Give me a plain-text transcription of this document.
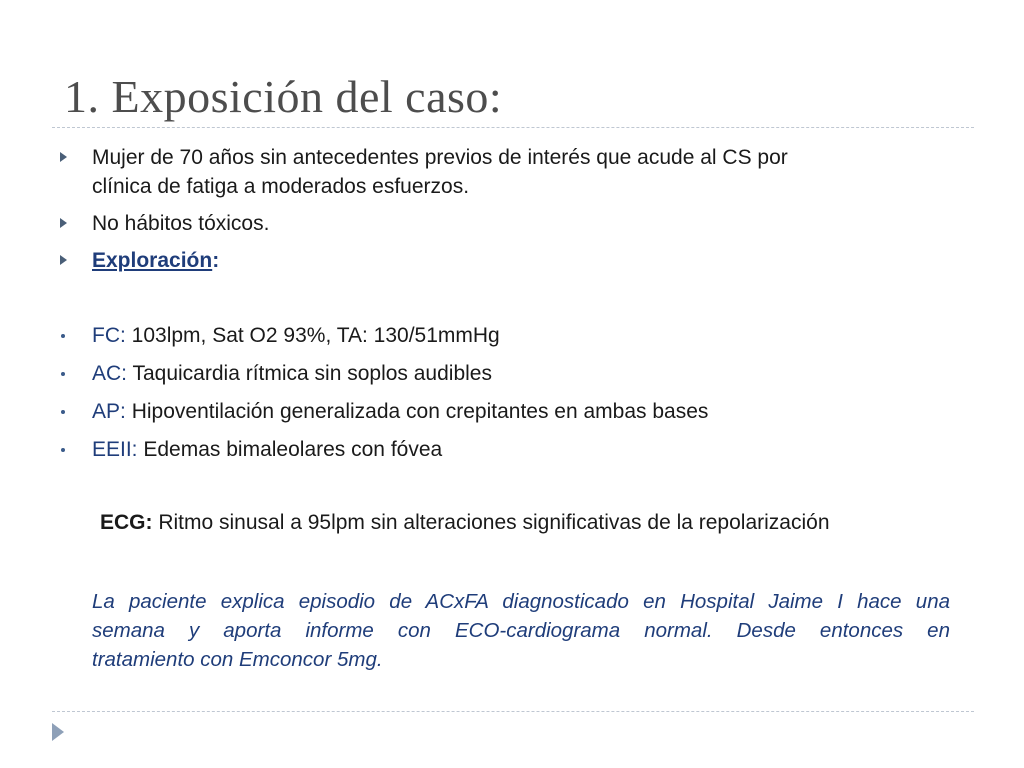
1. Exposición del caso:
Mujer de 70 años sin antecedentes previos de interés que acude al CS por
clínica de fatiga a moderados esfuerzos.
No hábitos tóxicos.
Exploración:
FC: 103lpm, Sat O2 93%, TA: 130/51mmHg
AC: Taquicardia rítmica sin soplos audibles
AP: Hipoventilación generalizada con crepitantes en ambas bases
EEII: Edemas bimaleolares con fóvea
ECG: Ritmo sinusal a 95lpm sin alteraciones significativas de la repolarización
La paciente explica episodio de ACxFA diagnosticado en Hospital Jaime I hace una
semana y aporta informe con ECO-cardiograma normal. Desde entonces en
tratamiento con Emconcor 5mg.
